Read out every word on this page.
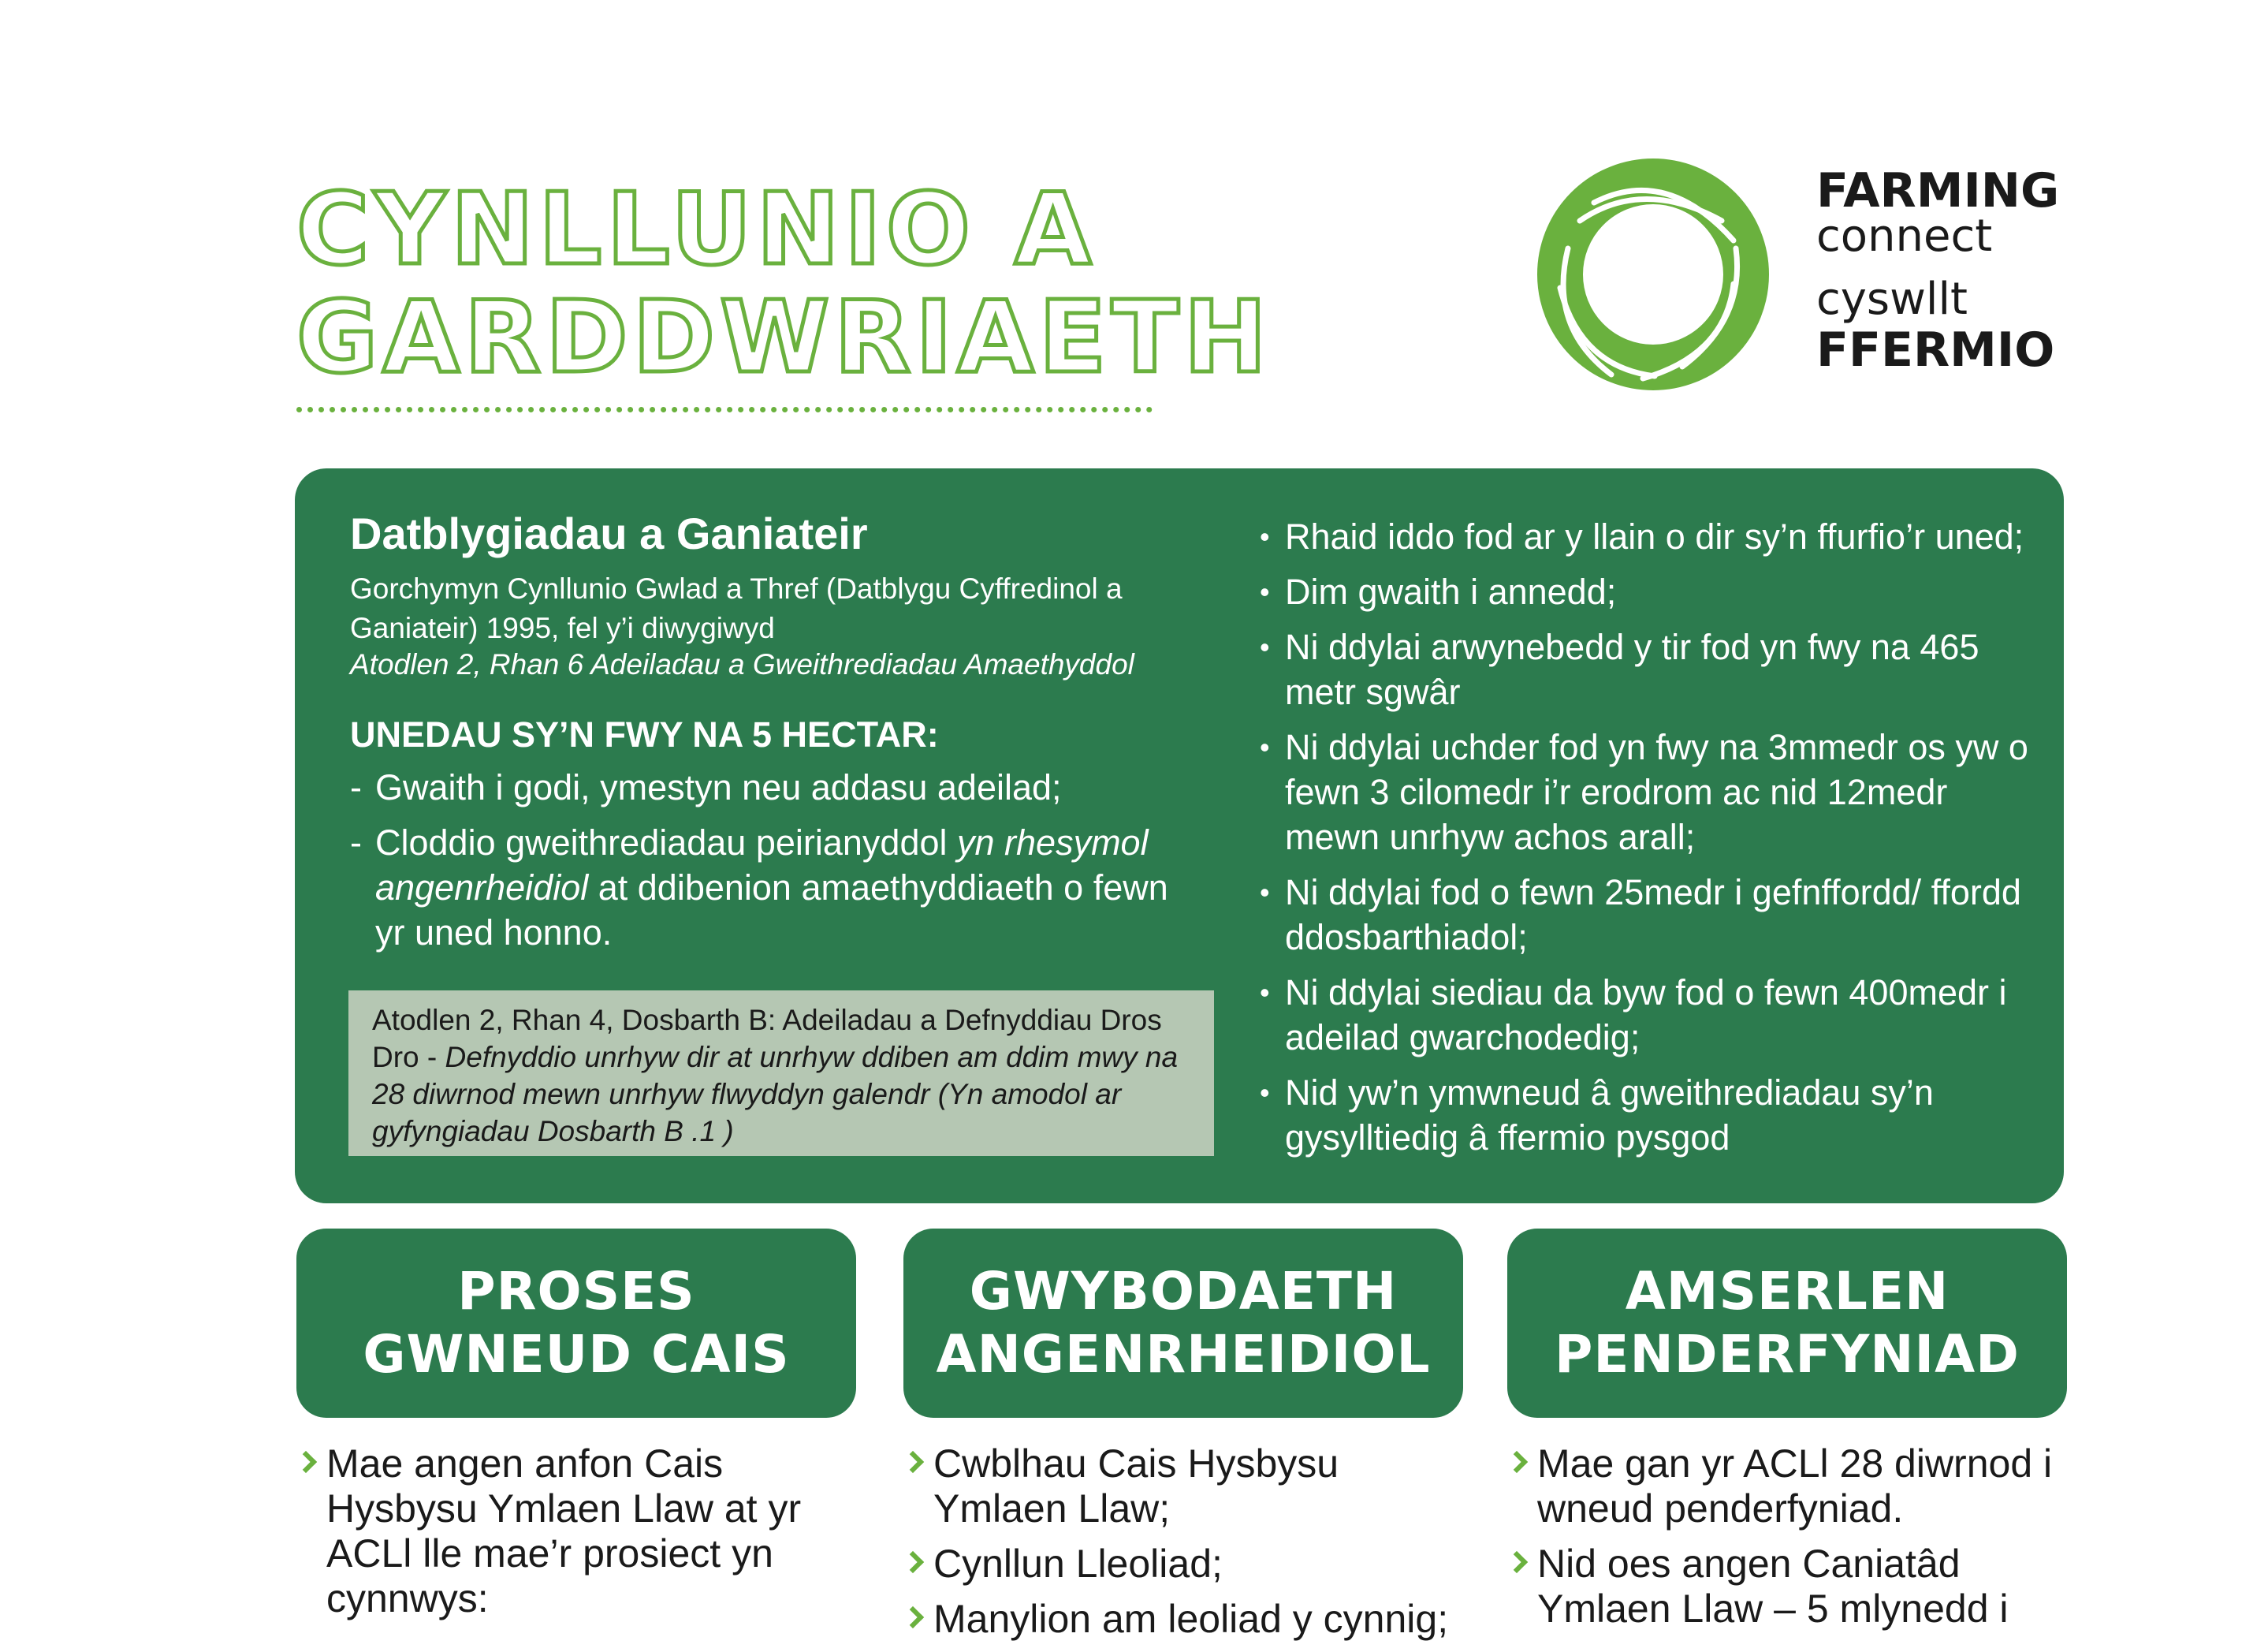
CYNLLUNIO A
GARDDWRIAETH
FARMING
connect
cyswllt
FFERMIO
Datblygiadau a Ganiateir
Gorchymyn Cynllunio Gwlad a Thref (Datblygu Cyffredinol a Ganiateir) 1995, fel y’i diwygiwyd
Atodlen 2, Rhan 6 Adeiladau a Gweithrediadau Amaethyddol
UNEDAU SY’N FWY NA 5 HECTAR:
- Gwaith i godi, ymestyn neu addasu adeilad;
- Cloddio gweithrediadau peirianyddol yn rhesymol angenrheidiol at ddibenion amaethyddiaeth o fewn yr uned honno.
Atodlen 2, Rhan 4, Dosbarth B: Adeiladau a Defnyddiau Dros Dro - Defnyddio unrhyw dir at unrhyw ddiben am ddim mwy na 28 diwrnod mewn unrhyw flwyddyn galendr (Yn amodol ar gyfyngiadau Dosbarth B .1 )
• Rhaid iddo fod ar y llain o dir sy’n ffurfio’r uned;
• Dim gwaith i annedd;
• Ni ddylai arwynebedd y tir fod yn fwy na 465 metr sgwâr
• Ni ddylai uchder fod yn fwy na 3mmedr os yw o fewn 3 cilomedr i’r erodrom ac nid 12medr mewn unrhyw achos arall;
• Ni ddylai fod o fewn 25medr i gefnffordd/ ffordd ddosbarthiadol;
• Ni ddylai siediau da byw fod o fewn 400medr i adeilad gwarchodedig;
• Nid yw’n ymwneud â gweithrediadau sy’n gysylltiedig â ffermio pysgod
PROSES
GWNEUD CAIS
GWYBODAETH
ANGENRHEIDIOL
AMSERLEN
PENDERFYNIAD
Mae angen anfon Cais Hysbysu Ymlaen Llaw at yr ACLl lle mae’r prosiect yn cynnwys:
Cwblhau Cais Hysbysu Ymlaen Llaw;
Cynllun Lleoliad;
Manylion am leoliad y cynnig;
Mae gan yr ACLl 28 diwrnod i wneud penderfyniad.
Nid oes angen Caniatâd Ymlaen Llaw – 5 mlynedd i
